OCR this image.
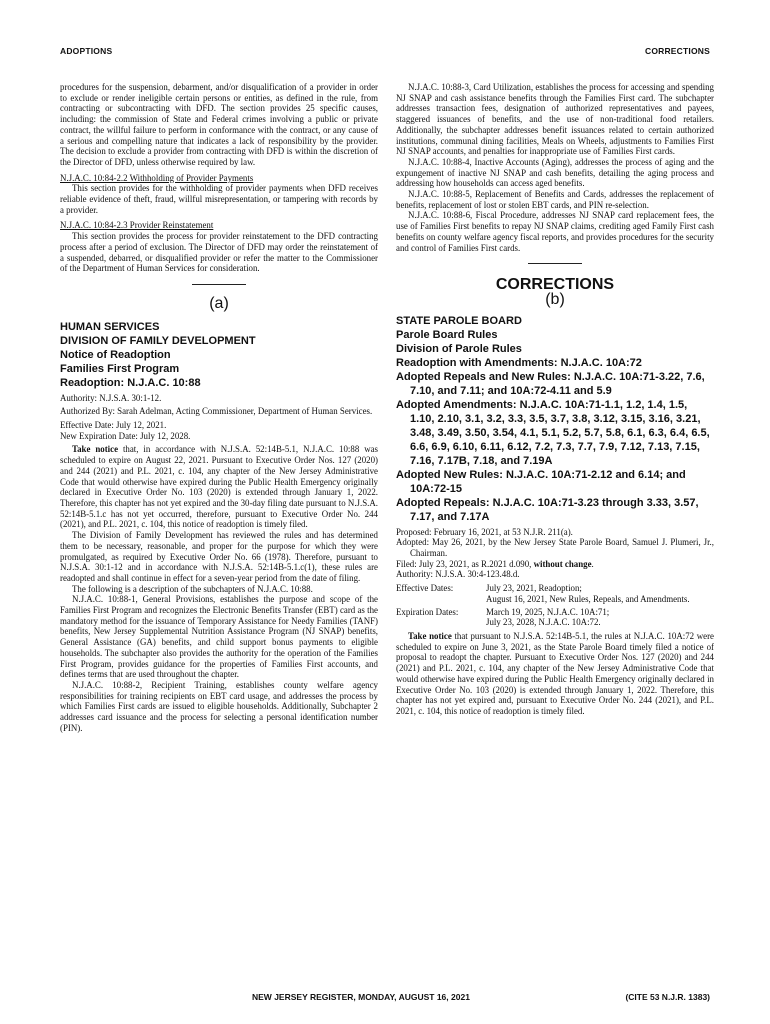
ADOPTIONS	CORRECTIONS

procedures for the suspension, debarment, and/or disqualification of a provider in order to exclude or render ineligible certain persons or entities, as defined in the rule, from contracting or subcontracting with DFD. The section provides 25 specific causes, including: the commission of State and Federal crimes involving a public or private contract, the willful failure to perform in conformance with the contract, or any cause of a serious and compelling nature that indicates a lack of responsibility by the provider. The decision to exclude a provider from contracting with DFD is within the discretion of the Director of DFD, unless otherwise required by law.

N.J.A.C. 10:84-2.2 Withholding of Provider Payments

This section provides for the withholding of provider payments when DFD receives reliable evidence of theft, fraud, willful misrepresentation, or tampering with records by a provider.

N.J.A.C. 10:84-2.3 Provider Reinstatement

This section provides the process for provider reinstatement to the DFD contracting process after a period of exclusion. The Director of DFD may order the reinstatement of a suspended, debarred, or disqualified provider or refer the matter to the Commissioner of the Department of Human Services for consideration.

(a)

HUMAN SERVICES

DIVISION OF FAMILY DEVELOPMENT

Notice of Readoption

Families First Program

Readoption: N.J.A.C. 10:88

Authority: N.J.S.A. 30:1-12.

Authorized By: Sarah Adelman, Acting Commissioner, Department of Human Services.

Effective Date: July 12, 2021.

New Expiration Date: July 12, 2028.

Take notice that, in accordance with N.J.S.A. 52:14B-5.1, N.J.A.C. 10:88 was scheduled to expire on August 22, 2021. Pursuant to Executive Order Nos. 127 (2020) and 244 (2021) and P.L. 2021, c. 104, any chapter of the New Jersey Administrative Code that would otherwise have expired during the Public Health Emergency originally declared in Executive Order No. 103 (2020) is extended through January 1, 2022. Therefore, this chapter has not yet expired and the 30-day filing date pursuant to N.J.S.A. 52:14B-5.1.c has not yet occurred, therefore, pursuant to Executive Order No. 244 (2021), and P.L. 2021, c. 104, this notice of readoption is timely filed.

The Division of Family Development has reviewed the rules and has determined them to be necessary, reasonable, and proper for the purpose for which they were promulgated, as required by Executive Order No. 66 (1978). Therefore, pursuant to N.J.S.A. 30:1-12 and in accordance with N.J.S.A. 52:14B-5.1.c(1), these rules are readopted and shall continue in effect for a seven-year period from the date of filing.

The following is a description of the subchapters of N.J.A.C. 10:88.

N.J.A.C. 10:88-1, General Provisions, establishes the purpose and scope of the Families First Program and recognizes the Electronic Benefits Transfer (EBT) card as the mandatory method for the issuance of Temporary Assistance for Needy Families (TANF) benefits, New Jersey Supplemental Nutrition Assistance Program (NJ SNAP) benefits, General Assistance (GA) benefits, and child support bonus payments to eligible households. The subchapter also provides the authority for the operation of the Families First Program, provides guidance for the properties of Families First accounts, and defines terms that are used throughout the chapter.

N.J.A.C. 10:88-2, Recipient Training, establishes county welfare agency responsibilities for training recipients on EBT card usage, and addresses the process by which Families First cards are issued to eligible households. Additionally, Subchapter 2 addresses card issuance and the process for selecting a personal identification number (PIN).

N.J.A.C. 10:88-3, Card Utilization, establishes the process for accessing and spending NJ SNAP and cash assistance benefits through the Families First card. The subchapter addresses transaction fees, designation of authorized representatives and payees, staggered issuances of benefits, and the use of non-traditional food retailers. Additionally, the subchapter addresses benefit issuances related to certain authorized institutions, communal dining facilities, Meals on Wheels, adjustments to Families First NJ SNAP accounts, and penalties for inappropriate use of Families First cards.

N.J.A.C. 10:88-4, Inactive Accounts (Aging), addresses the process of aging and the expungement of inactive NJ SNAP and cash benefits, detailing the aging process and addressing how households can access aged benefits.

N.J.A.C. 10:88-5, Replacement of Benefits and Cards, addresses the replacement of benefits, replacement of lost or stolen EBT cards, and PIN re-selection.

N.J.A.C. 10:88-6, Fiscal Procedure, addresses NJ SNAP card replacement fees, the use of Families First benefits to repay NJ SNAP claims, crediting aged Family First cash benefits on county welfare agency fiscal reports, and provides procedures for the security and control of Families First cards.

CORRECTIONS
(b)

STATE PAROLE BOARD

Parole Board Rules

Division of Parole Rules

Readoption with Amendments: N.J.A.C. 10A:72

Adopted Repeals and New Rules: N.J.A.C. 10A:71-3.22, 7.6, 7.10, and 7.11; and 10A:72-4.11 and 5.9

Adopted Amendments: N.J.A.C. 10A:71-1.1, 1.2, 1.4, 1.5, 1.10, 2.10, 3.1, 3.2, 3.3, 3.5, 3.7, 3.8, 3.12, 3.15, 3.16, 3.21, 3.48, 3.49, 3.50, 3.54, 4.1, 5.1, 5.2, 5.7, 5.8, 6.1, 6.3, 6.4, 6.5, 6.6, 6.9, 6.10, 6.11, 6.12, 7.2, 7.3, 7.7, 7.9, 7.12, 7.13, 7.15, 7.16, 7.17B, 7.18, and 7.19A

Adopted New Rules: N.J.A.C. 10A:71-2.12 and 6.14; and 10A:72-15

Adopted Repeals: N.J.A.C. 10A:71-3.23 through 3.33, 3.57, 7.17, and 7.17A

Proposed: February 16, 2021, at 53 N.J.R. 211(a).

Adopted: May 26, 2021, by the New Jersey State Parole Board, Samuel J. Plumeri, Jr., Chairman.

Filed: July 23, 2021, as R.2021 d.090, without change.

Authority: N.J.S.A. 30:4-123.48.d.

Effective Dates:	July 23, 2021, Readoption;
August 16, 2021, New Rules, Repeals, and Amendments.
Expiration Dates:	March 19, 2025, N.J.A.C. 10A:71;
July 23, 2028, N.J.A.C. 10A:72.

Take notice that pursuant to N.J.S.A. 52:14B-5.1, the rules at N.J.A.C. 10A:72 were scheduled to expire on June 3, 2021, as the State Parole Board timely filed a notice of proposal to readopt the chapter. Pursuant to Executive Order Nos. 127 (2020) and 244 (2021) and P.L. 2021, c. 104, any chapter of the New Jersey Administrative Code that would otherwise have expired during the Public Health Emergency originally declared in Executive Order No. 103 (2020) is extended through January 1, 2022. Therefore, this chapter has not yet expired and, pursuant to Executive Order No. 244 (2021), and P.L. 2021, c. 104, this notice of readoption is timely filed.

NEW JERSEY REGISTER, MONDAY, AUGUST 16, 2021	(CITE 53 N.J.R. 1383)
